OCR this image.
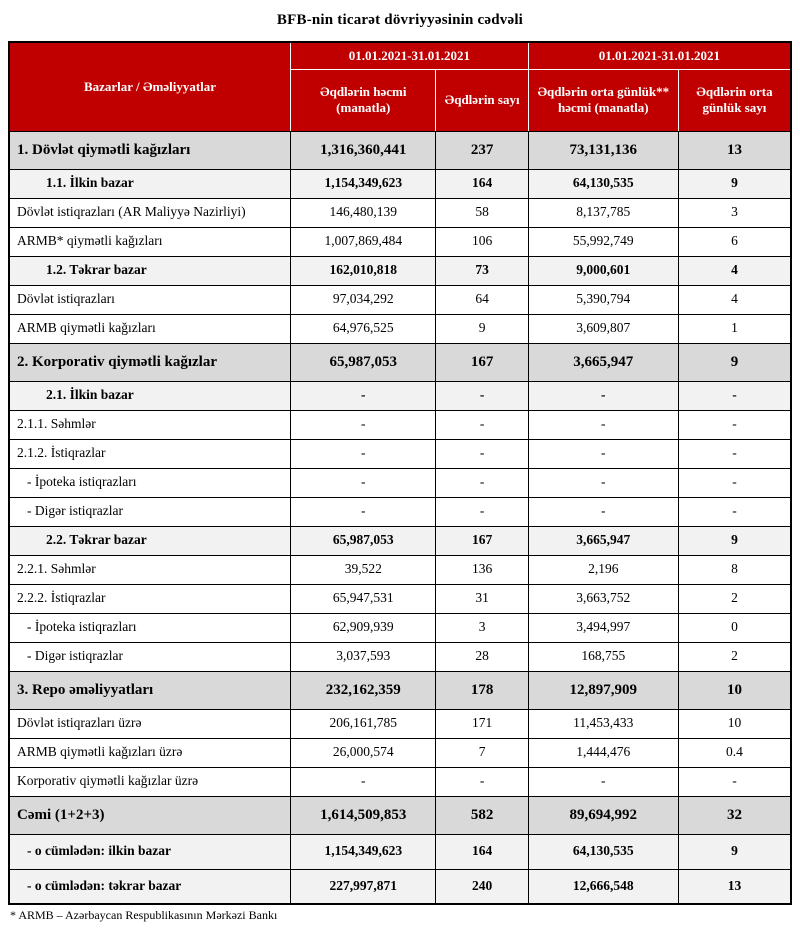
BFB-nin ticarət dövriyyəsinin cədvəli
Bazarlar / Əməliyyatlar	01.01.2021-31.01.2021		01.01.2021-31.01.2021	
	Əqdlərin həcmi (manatla)	Əqdlərin sayı	Əqdlərin orta günlük** həcmi (manatla)	Əqdlərin orta günlük sayı
1. Dövlət qiymətli kağızları	1,316,360,441	237	73,131,136	13
1.1. İlkin bazar	1,154,349,623	164	64,130,535	9
Dövlət istiqrazları (AR Maliyyə Nazirliyi)	146,480,139	58	8,137,785	3
ARMB* qiymətli kağızları	1,007,869,484	106	55,992,749	6
1.2. Təkrar bazar	162,010,818	73	9,000,601	4
Dövlət istiqrazları	97,034,292	64	5,390,794	4
ARMB qiymətli kağızları	64,976,525	9	3,609,807	1
2. Korporativ qiymətli kağızlar	65,987,053	167	3,665,947	9
2.1. İlkin bazar	-	-	-	-
2.1.1. Səhmlər	-	-	-	-
2.1.2. İstiqrazlar	-	-	-	-
- İpoteka istiqrazları	-	-	-	-
- Digər istiqrazlar	-	-	-	-
2.2. Təkrar bazar	65,987,053	167	3,665,947	9
2.2.1. Səhmlər	39,522	136	2,196	8
2.2.2. İstiqrazlar	65,947,531	31	3,663,752	2
- İpoteka istiqrazları	62,909,939	3	3,494,997	0
- Digər istiqrazlar	3,037,593	28	168,755	2
3. Repo əməliyyatları	232,162,359	178	12,897,909	10
Dövlət istiqrazları üzrə	206,161,785	171	11,453,433	10
ARMB qiymətli kağızları üzrə	26,000,574	7	1,444,476	0.4
Korporativ qiymətli kağızlar üzrə	-	-	-	-
Cəmi (1+2+3)	1,614,509,853	582	89,694,992	32
- o cümlədən: ilkin bazar	1,154,349,623	164	64,130,535	9
- o cümlədən: təkrar bazar	227,997,871	240	12,666,548	13
* ARMB – Azərbaycan Respublikasının Mərkəzi Bankı
